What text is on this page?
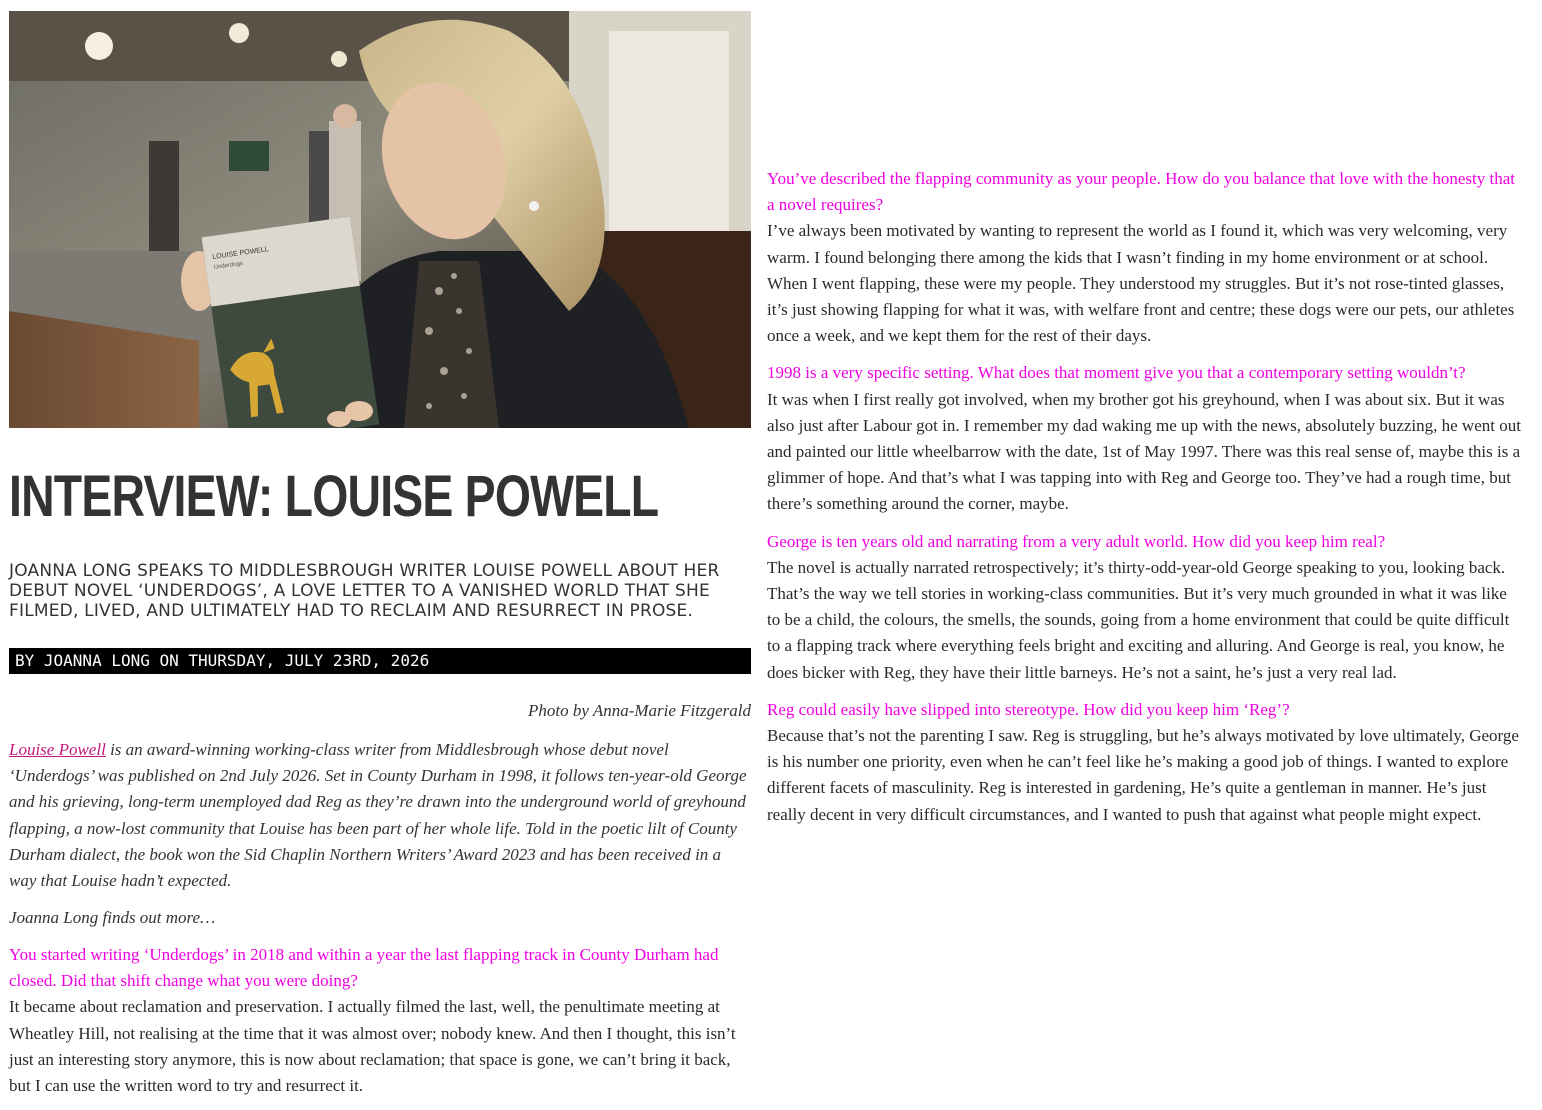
LOUISE POWELL
Underdogs
INTERVIEW: LOUISE POWELL

JOANNA LONG SPEAKS TO MIDDLESBROUGH WRITER LOUISE POWELL ABOUT HER DEBUT NOVEL ‘UNDERDOGS’, A LOVE LETTER TO A VANISHED WORLD THAT SHE FILMED, LIVED, AND ULTIMATELY HAD TO RECLAIM AND RESURRECT IN PROSE.

BY JOANNA LONG ON THURSDAY, JULY 23RD, 2026
Photo by Anna-Marie Fitzgerald

Louise Powell is an award-winning working-class writer from Middlesbrough whose debut novel ‘Underdogs’ was published on 2nd July 2026. Set in County Durham in 1998, it follows ten-year-old George and his grieving, long-term unemployed dad Reg as they’re drawn into the underground world of greyhound flapping, a now-lost community that Louise has been part of her whole life. Told in the poetic lilt of County Durham dialect, the book won the Sid Chaplin Northern Writers’ Award 2023 and has been received in a way that Louise hadn’t expected.

Joanna Long finds out more…

You started writing ‘Underdogs’ in 2018 and within a year the last flapping track in County Durham had closed. Did that shift change what you were doing?

It became about reclamation and preservation. I actually filmed the last, well, the penultimate meeting at Wheatley Hill, not realising at the time that it was almost over; nobody knew. And then I thought, this isn’t just an interesting story anymore, this is now about reclamation; that space is gone, we can’t bring it back, but I can use the written word to try and resurrect it.

You’ve described the flapping community as your people. How do you balance that love with the honesty that a novel requires?

I’ve always been motivated by wanting to represent the world as I found it, which was very welcoming, very warm. I found belonging there among the kids that I wasn’t finding in my home environment or at school. When I went flapping, these were my people. They understood my struggles. But it’s not rose-tinted glasses, it’s just showing flapping for what it was, with welfare front and centre; these dogs were our pets, our athletes once a week, and we kept them for the rest of their days.

1998 is a very specific setting. What does that moment give you that a contemporary setting wouldn’t?

It was when I first really got involved, when my brother got his greyhound, when I was about six. But it was also just after Labour got in. I remember my dad waking me up with the news, absolutely buzzing, he went out and painted our little wheelbarrow with the date, 1st of May 1997. There was this real sense of, maybe this is a glimmer of hope. And that’s what I was tapping into with Reg and George too. They’ve had a rough time, but there’s something around the corner, maybe.

George is ten years old and narrating from a very adult world. How did you keep him real?

The novel is actually narrated retrospectively; it’s thirty-odd-year-old George speaking to you, looking back. That’s the way we tell stories in working-class communities. But it’s very much grounded in what it was like to be a child, the colours, the smells, the sounds, going from a home environment that could be quite difficult to a flapping track where everything feels bright and exciting and alluring. And George is real, you know, he does bicker with Reg, they have their little barneys. He’s not a saint, he’s just a very real lad.

Reg could easily have slipped into stereotype. How did you keep him ‘Reg’?

Because that’s not the parenting I saw. Reg is struggling, but he’s always motivated by love ultimately, George is his number one priority, even when he can’t feel like he’s making a good job of things. I wanted to explore different facets of masculinity. Reg is interested in gardening, He’s quite a gentleman in manner. He’s just really decent in very difficult circumstances, and I wanted to push that against what people might expect.
